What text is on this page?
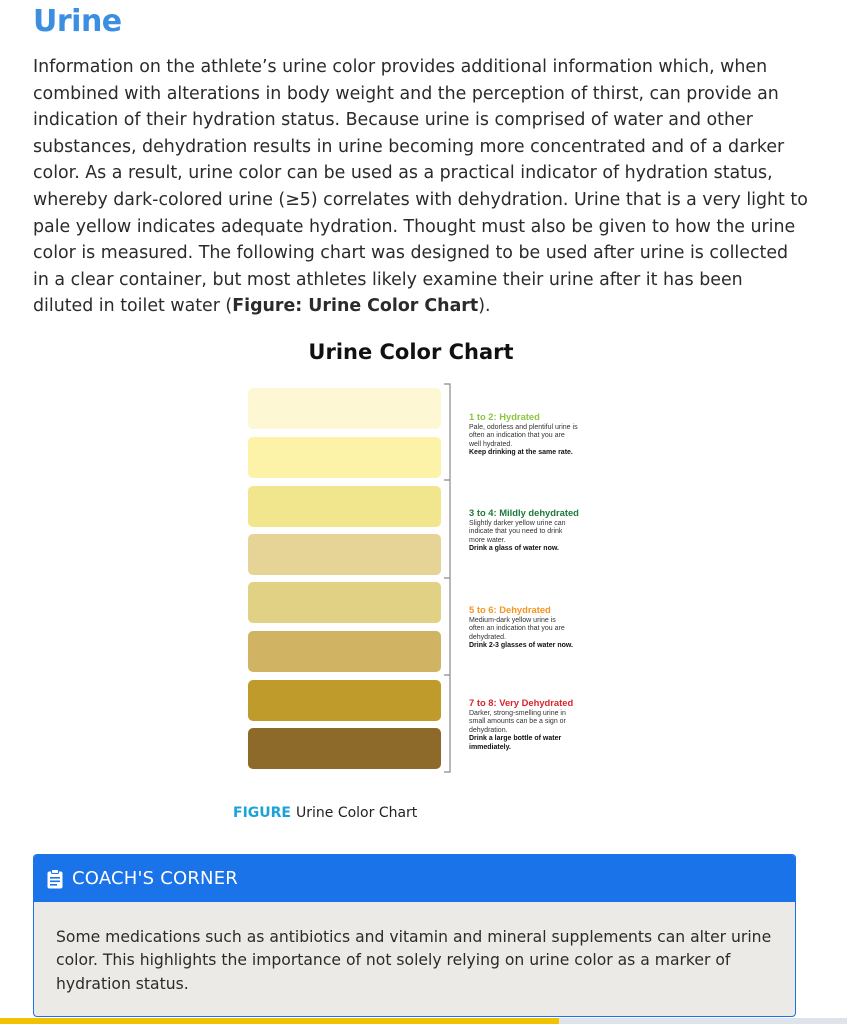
Urine

Information on the athlete’s urine color provides additional information which, when combined with alterations in body weight and the perception of thirst, can provide an indication of their hydration status. Because urine is comprised of water and other substances, dehydration results in urine becoming more concentrated and of a darker color. As a result, urine color can be used as a practical indicator of hydration status, whereby dark-colored urine (≥5) correlates with dehydration. Urine that is a very light to pale yellow indicates adequate hydration. Thought must also be given to how the urine color is measured. The following chart was designed to be used after urine is collected in a clear container, but most athletes likely examine their urine after it has been diluted in toilet water (Figure: Urine Color Chart).

Urine Color Chart

1 to 2: Hydrated

Pale, odorless and plentiful urine is
often an indication that you are
well hydrated.

Keep drinking at the same rate.

3 to 4: Mildly dehydrated

Slightly darker yellow urine can
indicate that you need to drink
more water.

Drink a glass of water now.

5 to 6: Dehydrated

Medium-dark yellow urine is
often an indication that you are
dehydrated.

Drink 2-3 glasses of water now.

7 to 8: Very Dehydrated

Darker, strong-smelling urine in
small amounts can be a sign or
dehydration.

Drink a large bottle of water
immediately.

FIGURE Urine Color Chart
COACH'S CORNER

Some medications such as antibiotics and vitamin and mineral supplements can alter urine color. This highlights the importance of not solely relying on urine color as a marker of hydration status.
